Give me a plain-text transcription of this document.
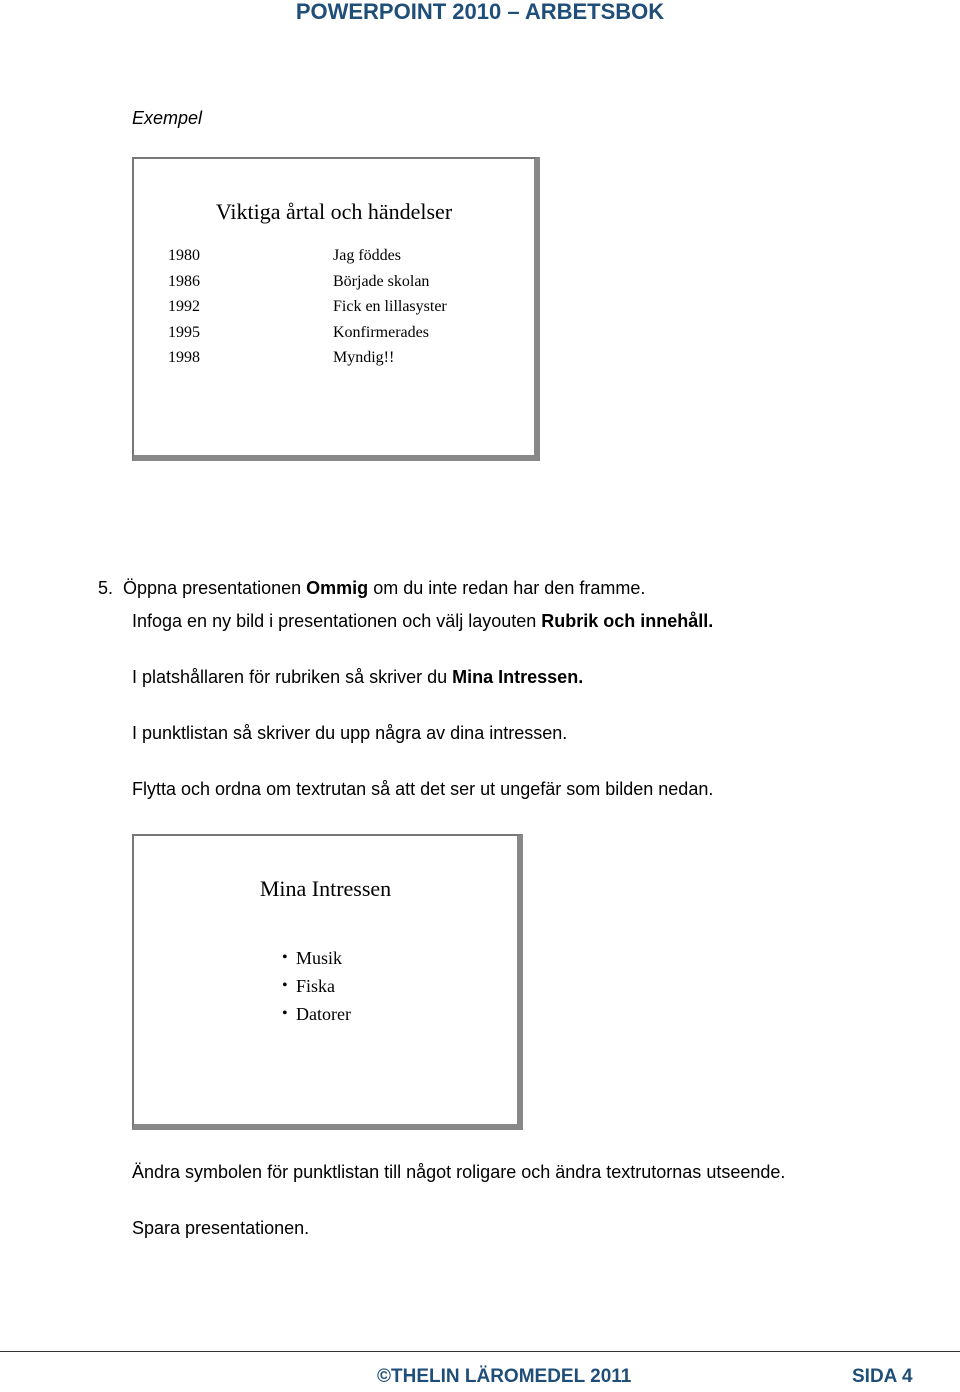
POWERPOINT 2010 – ARBETSBOK
Exempel
Viktiga årtal och händelser
1980	Jag föddes
1986	Började skolan
1992	Fick en lillasyster
1995	Konfirmerades
1998	Myndig!!

5. Öppna presentationen Ommig om du inte redan har den framme.

Infoga en ny bild i presentationen och välj layouten Rubrik och innehåll.

I platshållaren för rubriken så skriver du Mina Intressen.

I punktlistan så skriver du upp några av dina intressen.

Flytta och ordna om textrutan så att det ser ut ungefär som bilden nedan.

Mina Intressen
• Musik
• Fiska
• Datorer

Ändra symbolen för punktlistan till något roligare och ändra textrutornas utseende.

Spara presentationen.

©THELIN LÄROMEDEL 2011	SIDA 4
